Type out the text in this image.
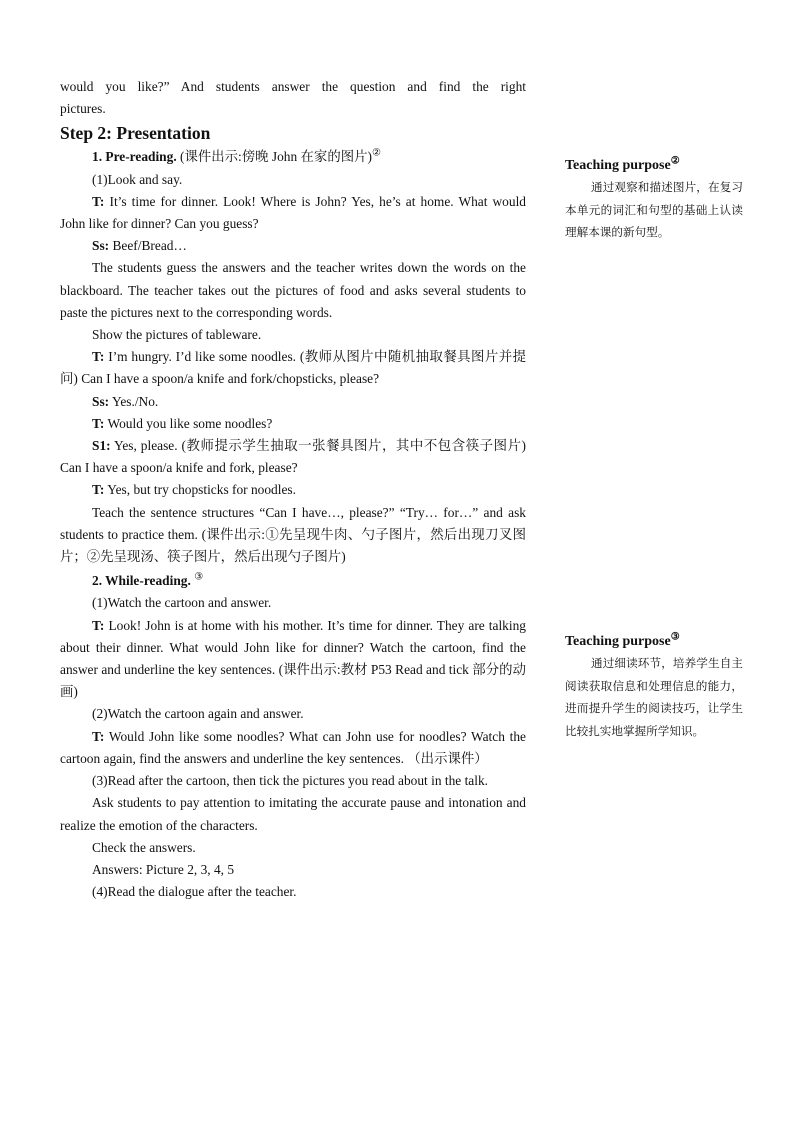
would you like?” And students answer the question and find the right

pictures.

Step 2: Presentation

1. Pre-reading. (课件出示:傍晚 John 在家的图片)②

(1)Look and say.

T: It’s time for dinner. Look! Where is John? Yes, he’s at home. What would John like for dinner? Can you guess?

Ss: Beef/Bread…

The students guess the answers and the teacher writes down the words on the blackboard. The teacher takes out the pictures of food and asks several students to paste the pictures next to the corresponding words.

Show the pictures of tableware.

T: I’m hungry. I’d like some noodles. (教师从图片中随机抽取餐具图片并提问) Can I have a spoon/a knife and fork/chopsticks, please?

Ss: Yes./No.

T: Would you like some noodles?

S1: Yes, please. (教师提示学生抽取一张餐具图片，其中不包含筷子图片) Can I have a spoon/a knife and fork, please?

T: Yes, but try chopsticks for noodles.

Teach the sentence structures “Can I have…, please?” “Try… for…” and ask students to practice them. (课件出示:①先呈现牛肉、勺子图片，然后出现刀叉图片；②先呈现汤、筷子图片，然后出现勺子图片)

2. While-reading. ③

(1)Watch the cartoon and answer.

T: Look! John is at home with his mother. It’s time for dinner. They are talking about their dinner. What would John like for dinner? Watch the cartoon, find the answer and underline the key sentences. (课件出示:教材 P53 Read and tick 部分的动画)

(2)Watch the cartoon again and answer.

T: Would John like some noodles? What can John use for noodles? Watch the cartoon again, find the answers and underline the key sentences. （出示课件）

(3)Read after the cartoon, then tick the pictures you read about in the talk.

Ask students to pay attention to imitating the accurate pause and intonation and realize the emotion of the characters.

Check the answers.

Answers: Picture 2, 3, 4, 5

(4)Read the dialogue after the teacher.

Teaching purpose②

通过观察和描述图片，在复习本单元的词汇和句型的基础上认读理解本课的新句型。

Teaching purpose③

通过细读环节，培养学生自主阅读获取信息和处理信息的能力，进而提升学生的阅读技巧，让学生比较扎实地掌握所学知识。
